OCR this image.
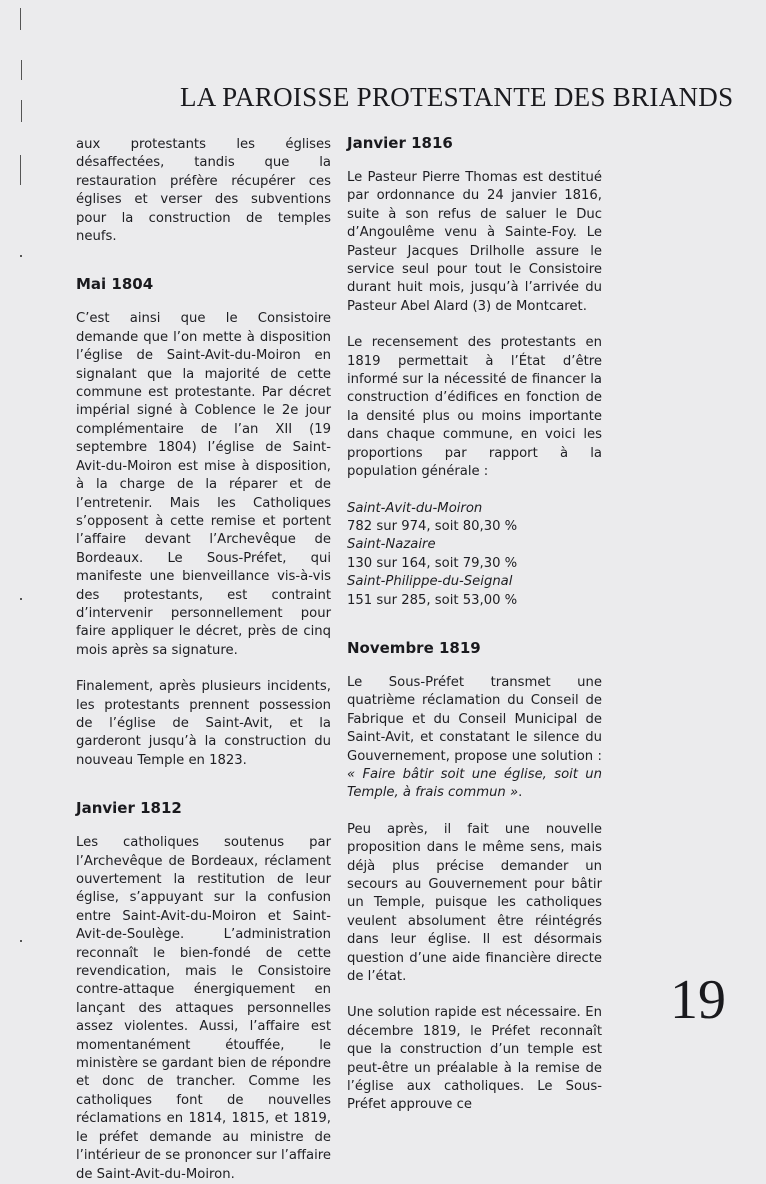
LA PAROISSE PROTESTANTE DES BRIANDS

aux protestants les églises désaffectées, tandis que la restauration préfère récupérer ces églises et verser des subventions pour la construction de temples neufs.

Mai 1804

C’est ainsi que le Consistoire demande que l’on mette à disposition l’église de Saint-Avit-du-Moiron en signalant que la majorité de cette commune est protestante. Par décret impérial signé à Coblence le 2e jour complémentaire de l’an XII (19 septembre 1804) l’église de Saint-Avit-du-Moiron est mise à disposition, à la charge de la réparer et de l’entretenir. Mais les Catholiques s’opposent à cette remise et portent l’affaire devant l’Archevêque de Bordeaux. Le Sous-Préfet, qui manifeste une bienveillance vis-à-vis des protestants, est contraint d’intervenir personnellement pour faire appliquer le décret, près de cinq mois après sa signature.

Finalement, après plusieurs incidents, les protestants prennent possession de l’église de Saint-Avit, et la garderont jusqu’à la construction du nouveau Temple en 1823.

Janvier 1812

Les catholiques soutenus par l’Archevêque de Bordeaux, réclament ouvertement la restitution de leur église, s’appuyant sur la confusion entre Saint-Avit-du-Moiron et Saint-Avit-de-Soulège. L’administration reconnaît le bien-fondé de cette revendication, mais le Consistoire contre-attaque énergiquement en lançant des attaques personnelles assez violentes. Aussi, l’affaire est momentanément étouffée, le ministère se gardant bien de répondre et donc de trancher. Comme les catholiques font de nouvelles réclamations en 1814, 1815, et 1819, le préfet demande au ministre de l’intérieur de se prononcer sur l’affaire de Saint-Avit-du-Moiron.

Janvier 1816

Le Pasteur Pierre Thomas est destitué par ordonnance du 24 janvier 1816, suite à son refus de saluer le Duc d’Angoulême venu à Sainte-Foy. Le Pasteur Jacques Drilholle assure le service seul pour tout le Consistoire durant huit mois, jusqu’à l’arrivée du Pasteur Abel Alard (3) de Montcaret.

Le recensement des protestants en 1819 permettait à l’État d’être informé sur la nécessité de financer la construction d’édifices en fonction de la densité plus ou moins importante dans chaque commune, en voici les proportions par rapport à la population générale :

Saint-Avit-du-Moiron

782 sur 974, soit 80,30 %

Saint-Nazaire

130 sur 164, soit 79,30 %

Saint-Philippe-du-Seignal

151 sur 285, soit 53,00 %

Novembre 1819

Le Sous-Préfet transmet une quatrième réclamation du Conseil de Fabrique et du Conseil Municipal de Saint-Avit, et constatant le silence du Gouvernement, propose une solution : « Faire bâtir soit une église, soit un Temple, à frais commun ».

Peu après, il fait une nouvelle proposition dans le même sens, mais déjà plus précise demander un secours au Gouvernement pour bâtir un Temple, puisque les catholiques veulent absolument être réintégrés dans leur église. Il est désormais question d’une aide financière directe de l’état.

Une solution rapide est nécessaire. En décembre 1819, le Préfet reconnaît que la construction d’un temple est peut-être un préalable à la remise de l’église aux catholiques. Le Sous-Préfet approuve ce

19
